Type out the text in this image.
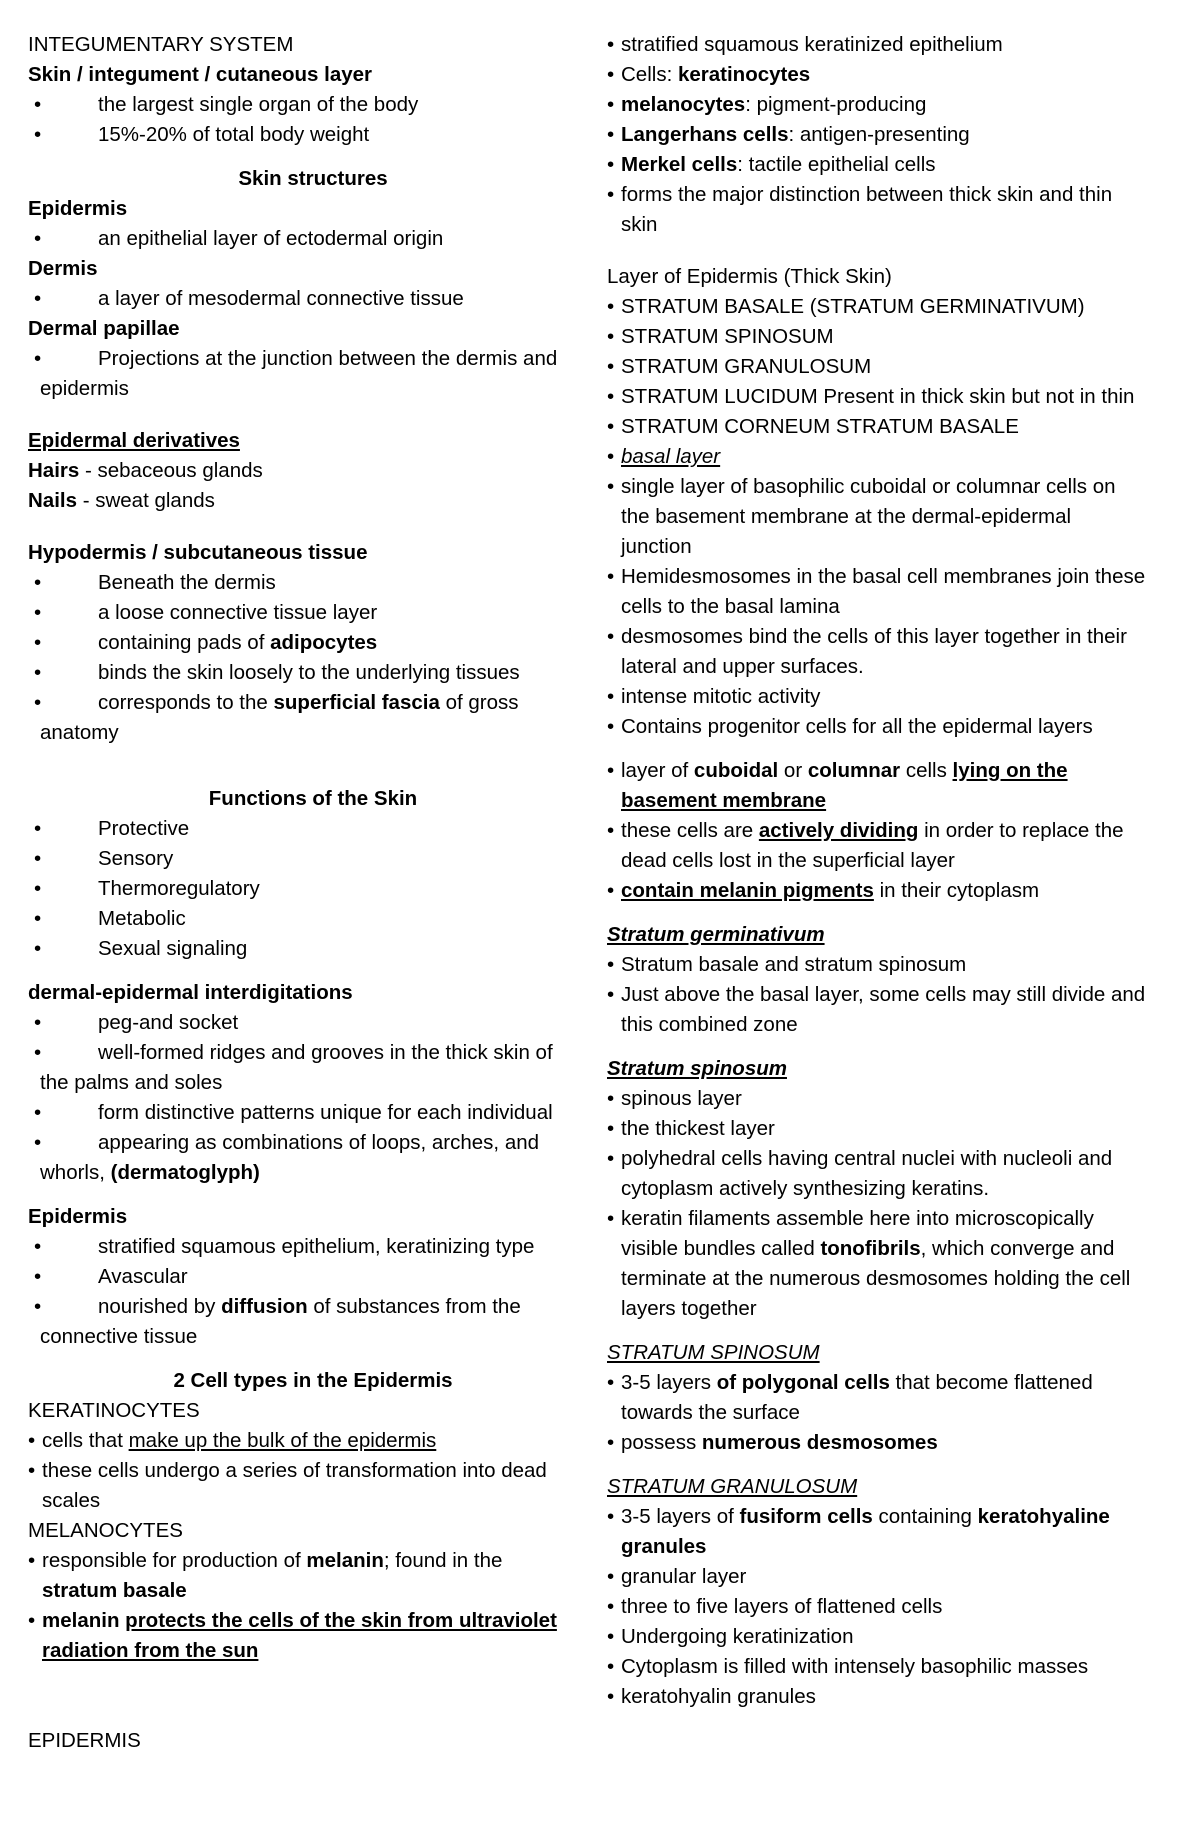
INTEGUMENTARY SYSTEM
Skin / integument / cutaneous layer
•	the largest single organ of the body
•	15%-20% of total body weight
Skin structures
Epidermis
•	an epithelial layer of ectodermal origin
Dermis
•	a layer of mesodermal connective tissue
Dermal papillae
•	Projections at the junction between the dermis and
epidermis
Epidermal derivatives
Hairs - sebaceous glands
Nails - sweat glands
Hypodermis / subcutaneous tissue
•	Beneath the dermis
•	a loose connective tissue layer
•	containing pads of adipocytes
•	binds the skin loosely to the underlying tissues
•	corresponds to the superficial fascia of gross
anatomy
Functions of the Skin
•	Protective
•	Sensory
•	Thermoregulatory
•	Metabolic
•	Sexual signaling
dermal-epidermal interdigitations
•	peg-and socket
•	well-formed ridges and grooves in the thick skin of
the palms and soles
•	form distinctive patterns unique for each individual
•	appearing as combinations of loops, arches, and
whorls, (dermatoglyph)
Epidermis
•	stratified squamous epithelium, keratinizing type
•	Avascular
•	nourished by diffusion of substances from the
connective tissue
2 Cell types in the Epidermis
KERATINOCYTES
• cells that make up the bulk of the epidermis
• these cells undergo a series of transformation into dead
scales
MELANOCYTES
• responsible for production of melanin; found in the
stratum basale
• melanin protects the cells of the skin from ultraviolet
radiation from the sun
EPIDERMIS
• stratified squamous keratinized epithelium
• Cells: keratinocytes
• melanocytes: pigment-producing
• Langerhans cells: antigen-presenting
• Merkel cells: tactile epithelial cells
• forms the major distinction between thick skin and thin
skin
Layer of Epidermis (Thick Skin)
• STRATUM BASALE (STRATUM GERMINATIVUM)
• STRATUM SPINOSUM
• STRATUM GRANULOSUM
• STRATUM LUCIDUM Present in thick skin but not in thin
• STRATUM CORNEUM STRATUM BASALE
• basal layer
• single layer of basophilic cuboidal or columnar cells on
the basement membrane at the dermal-epidermal
junction
• Hemidesmosomes in the basal cell membranes join these
cells to the basal lamina
• desmosomes bind the cells of this layer together in their
lateral and upper surfaces.
• intense mitotic activity
• Contains progenitor cells for all the epidermal layers
• layer of cuboidal or columnar cells lying on the
basement membrane
• these cells are actively dividing in order to replace the
dead cells lost in the superficial layer
• contain melanin pigments in their cytoplasm
Stratum germinativum
• Stratum basale and stratum spinosum
• Just above the basal layer, some cells may still divide and
this combined zone
Stratum spinosum
• spinous layer
• the thickest layer
• polyhedral cells having central nuclei with nucleoli and
cytoplasm actively synthesizing keratins.
• keratin filaments assemble here into microscopically
visible bundles called tonofibrils, which converge and
terminate at the numerous desmosomes holding the cell
layers together
STRATUM SPINOSUM
• 3-5 layers of polygonal cells that become flattened
towards the surface
• possess numerous desmosomes
STRATUM GRANULOSUM
• 3-5 layers of fusiform cells containing keratohyaline
granules
• granular layer
• three to five layers of flattened cells
• Undergoing keratinization
• Cytoplasm is filled with intensely basophilic masses
• keratohyalin granules
